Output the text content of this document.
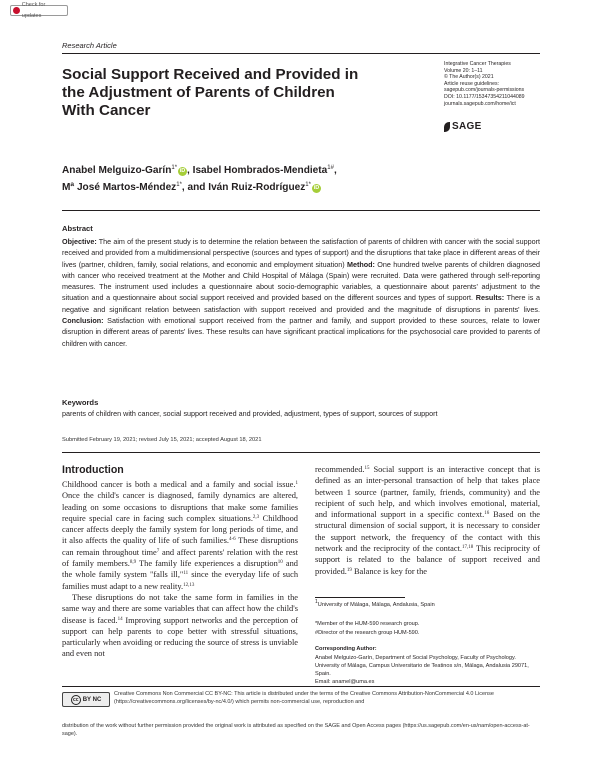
Check for updates
Research Article
Social Support Received and Provided in the Adjustment of Parents of Children With Cancer
Integrative Cancer Therapies
Volume 20: 1–11
© The Author(s) 2021
Article reuse guidelines:
sagepub.com/journals-permissions
DOI: 10.1177/15347354211044089
journals.sagepub.com/home/ict
SAGE
Anabel Melguizo-Garín$^{1*}$ iD , Isabel Hombrados-Mendieta$^{1\#}$,
Mª José Martos-Méndez$^{1*}$, and Iván Ruiz-Rodríguez$^{1*}$ iD
Abstract
Objective: The aim of the present study is to determine the relation between the satisfaction of parents of children with cancer with the social support received and provided from a multidimensional perspective (sources and types of support) and the disruptions that take place in different areas of their lives (partner, children, family, social relations, and economic and employment situation) Method: One hundred twelve parents of children diagnosed with cancer who received treatment at the Mother and Child Hospital of Málaga (Spain) were recruited. Data were gathered through self-reporting measures. The instrument used includes a questionnaire about socio-demographic variables, a questionnaire about parents' adjustment to the situation and a questionnaire about social support received and provided based on the different sources and types of support. Results: There is a negative and significant relation between satisfaction with support received and provided and the magnitude of disruptions in parents' lives. Conclusion: Satisfaction with emotional support received from the partner and family, and support provided to these sources, relate to lower disruption in different areas of parents' lives. These results can have significant practical implications for the psychosocial care provided to parents of children with cancer.
Keywords
parents of children with cancer, social support received and provided, adjustment, types of support, sources of support
Submitted February 19, 2021; revised July 15, 2021; accepted August 18, 2021
Introduction

Childhood cancer is both a medical and a family and social issue.$^1$ Once the child's cancer is diagnosed, family dynamics are altered, leading on some occasions to disruptions that make some families require special care in facing such complex situations.$^{2,3}$ Childhood cancer affects deeply the family system for long periods of time, and it also affects the quality of life of such families.$^{4-6}$ These disruptions can remain throughout time$^7$ and affect parents' relation with the rest of family members.$^{8,9}$ The family life experiences a disruption$^{10}$ and the whole family system "falls ill,"$^{11}$ since the everyday life of such families must adapt to a new reality.$^{12,13}$

These disruptions do not take the same form in families in the same way and there are some variables that can affect how the child's disease is faced.$^{14}$ Improving support networks and the perception of support can help parents to cope better with stressful situations, particularly when avoiding or reducing the source of stress is unviable and even not

recommended.$^{15}$ Social support is an interactive concept that is defined as an inter-personal transaction of help that takes place between 1 source (partner, family, friends, community) and the recipient of such help, and which involves emotional, material, and informational support in a specific context.$^{16}$ Based on the structural dimension of social support, it is necessary to consider the support network, the frequency of the contact with this network and the reciprocity of the contact.$^{17,18}$ This reciprocity of support is related to the balance of support received and provided.$^{19}$ Balance is key for the

1University of Málaga, Málaga, Andalusia, Spain
*Member of the HUM-590 research group.
#Director of the research group HUM-590.
Corresponding Author:
Anabel Melguizo-Garín, Department of Social Psychology, Faculty of Psychology. University of Málaga, Campus Universitario de Teatinos s/n, Málaga, Andalusia 29071, Spain.
Email: anamel@uma.es
cc BY NC
Creative Commons Non Commercial CC BY-NC: This article is distributed under the terms of the Creative Commons Attribution-NonCommercial 4.0 License (https://creativecommons.org/licenses/by-nc/4.0/) which permits non-commercial use, reproduction and
distribution of the work without further permission provided the original work is attributed as specified on the SAGE and Open Access pages (https://us.sagepub.com/en-us/nam/open-access-at-sage).
